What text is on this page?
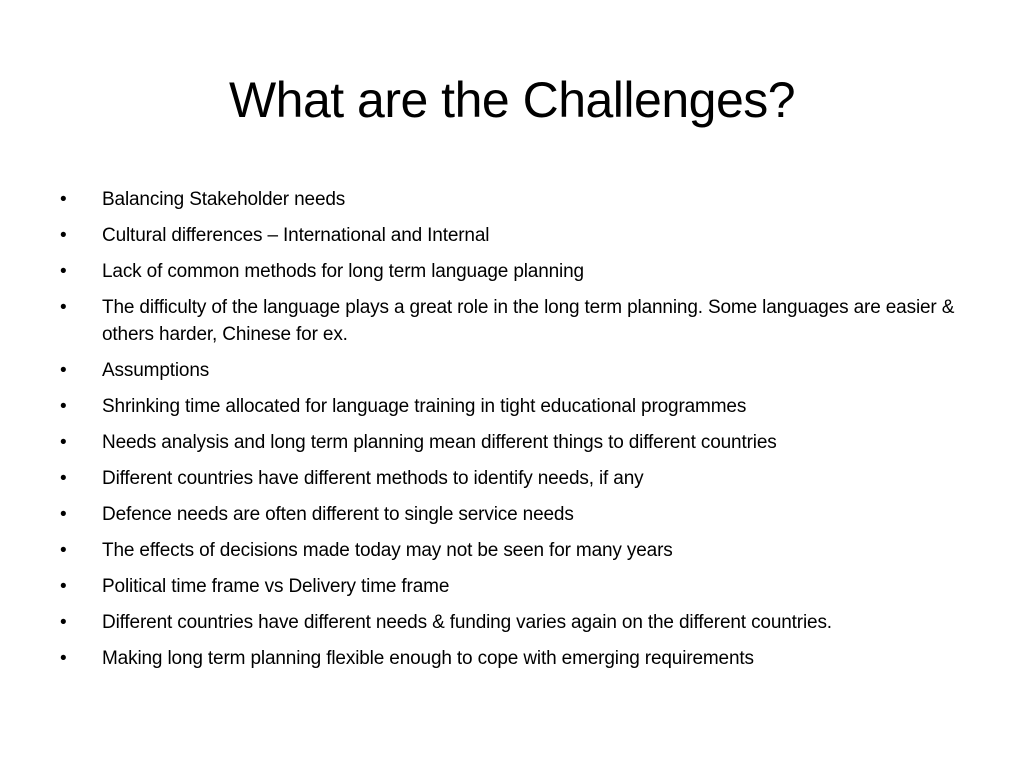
What are the Challenges?
•	Balancing Stakeholder needs
•	Cultural differences – International and Internal
•	Lack of common methods for long term language planning
•	The difficulty of the language plays a great role in the long term planning. Some languages are easier & others harder, Chinese for ex.
•	Assumptions
•	Shrinking time allocated for language training in tight educational programmes
•	Needs analysis and long term planning mean different things to different countries
•	Different countries have different methods to identify needs, if any
•	Defence needs are often different to single service needs
•	The effects of decisions made today may not be seen for many years
•	Political time frame vs Delivery time frame
•	Different countries have different needs & funding varies again on the different countries.
•	Making long term planning flexible enough to cope with emerging requirements
